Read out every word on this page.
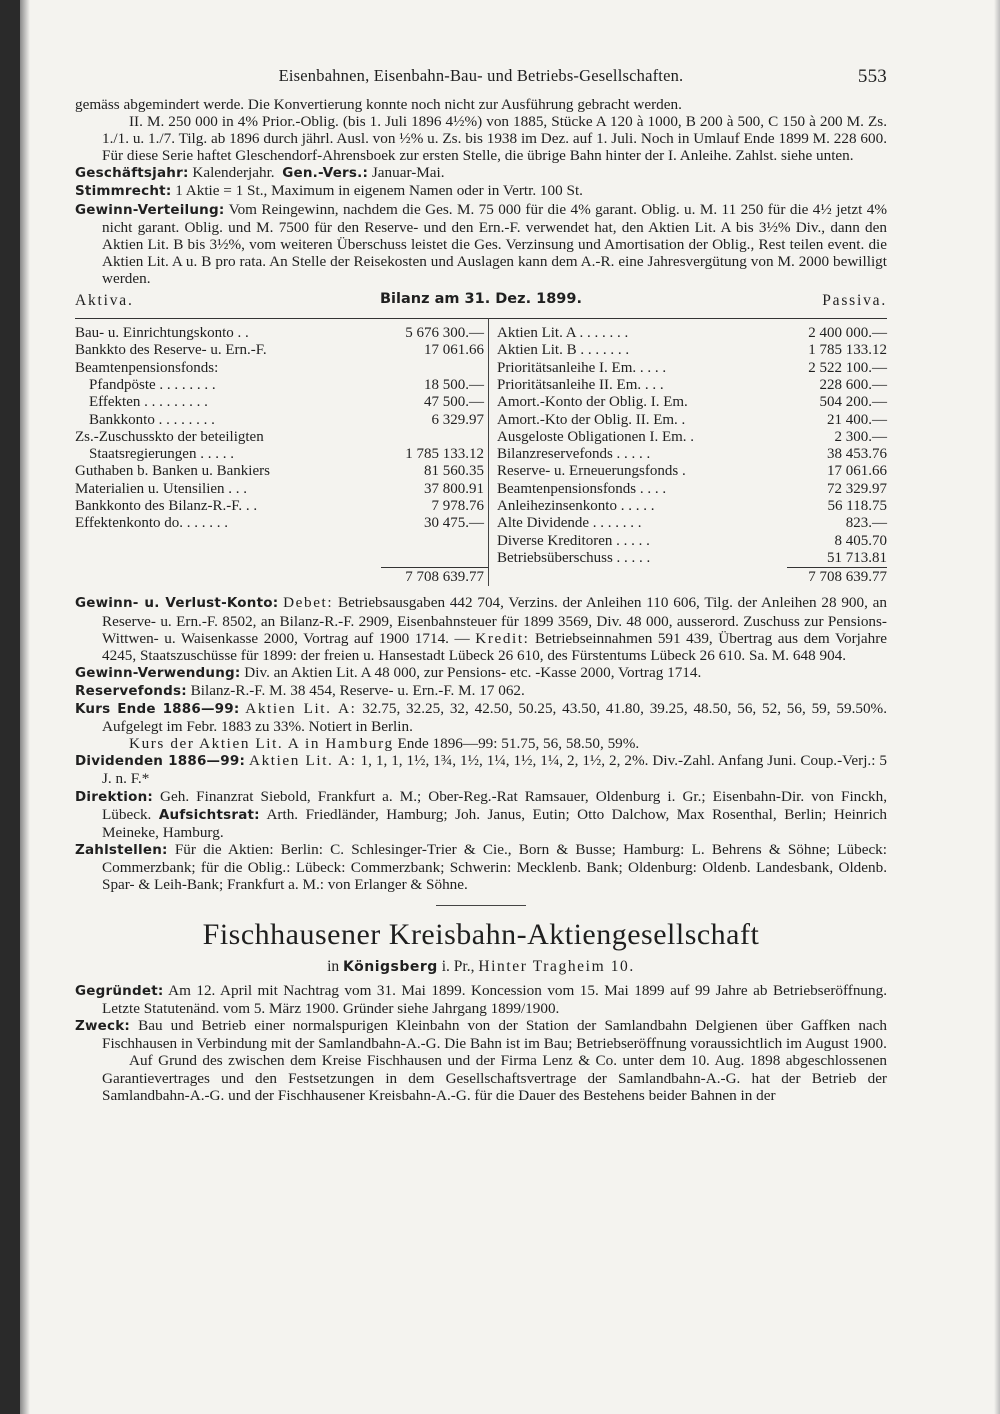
Eisenbahnen, Eisenbahn-Bau- und Betriebs-Gesellschaften.	553

gemäss abgemindert werde. Die Konvertierung konnte noch nicht zur Ausführung gebracht werden.

II. M. 250 000 in 4% Prior.-Oblig. (bis 1. Juli 1896 4½%) von 1885, Stücke A 120 à 1000, B 200 à 500, C 150 à 200 M. Zs. 1./1. u. 1./7. Tilg. ab 1896 durch jährl. Ausl. von ½% u. Zs. bis 1938 im Dez. auf 1. Juli. Noch in Umlauf Ende 1899 M. 228 600. Für diese Serie haftet Gleschendorf-Ahrensboek zur ersten Stelle, die übrige Bahn hinter der I. Anleihe. Zahlst. siehe unten.

Geschäftsjahr: Kalenderjahr. Gen.-Vers.: Januar-Mai.

Stimmrecht: 1 Aktie = 1 St., Maximum in eigenem Namen oder in Vertr. 100 St.

Gewinn-Verteilung: Vom Reingewinn, nachdem die Ges. M. 75 000 für die 4% garant. Oblig. u. M. 11 250 für die 4½ jetzt 4% nicht garant. Oblig. und M. 7500 für den Reserve- und den Ern.-F. verwendet hat, den Aktien Lit. A bis 3½% Div., dann den Aktien Lit. B bis 3½%, vom weiteren Überschuss leistet die Ges. Verzinsung und Amortisation der Oblig., Rest teilen event. die Aktien Lit. A u. B pro rata. An Stelle der Reisekosten und Auslagen kann dem A.-R. eine Jahresvergütung von M. 2000 bewilligt werden.

Aktiva.	Bilanz am 31. Dez. 1899.	Passiva.
Bau- u. Einrichtungskonto . .	5 676 300.—	Aktien Lit. A . . . . . . .	2 400 000.—
Bankkto des Reserve- u. Ern.-F.	17 061.66	Aktien Lit. B . . . . . . .	1 785 133.12
Beamtenpensionsfonds:		Prioritätsanleihe I. Em. . . . .	2 522 100.—
Pfandpöste . . . . . . . .	18 500.—	Prioritätsanleihe II. Em. . . .	228 600.—
Effekten . . . . . . . . .	47 500.—	Amort.-Konto der Oblig. I. Em.	504 200.—
Bankkonto . . . . . . . .	6 329.97	Amort.-Kto der Oblig. II. Em. .	21 400.—
Zs.-Zuschusskto der beteiligten		Ausgeloste Obligationen I. Em. .	2 300.—
Staatsregierungen . . . . .	1 785 133.12	Bilanzreservefonds . . . . .	38 453.76
Guthaben b. Banken u. Bankiers	81 560.35	Reserve- u. Erneuerungsfonds .	17 061.66
Materialien u. Utensilien . . .	37 800.91	Beamtenpensionsfonds . . . .	72 329.97
Bankkonto des Bilanz-R.-F. . .	7 978.76	Anleihezinsenkonto . . . . .	56 118.75
Effektenkonto do. . . . . . .	30 475.—	Alte Dividende . . . . . . .	823.—
		Diverse Kreditoren . . . . .	8 405.70
		Betriebsüberschuss . . . . .	51 713.81
	7 708 639.77		7 708 639.77

Gewinn- u. Verlust-Konto: Debet: Betriebsausgaben 442 704, Verzins. der Anleihen 110 606, Tilg. der Anleihen 28 900, an Reserve- u. Ern.-F. 8502, an Bilanz-R.-F. 2909, Eisenbahnsteuer für 1899 3569, Div. 48 000, ausserord. Zuschuss zur Pensions-Wittwen- u. Waisenkasse 2000, Vortrag auf 1900 1714. — Kredit: Betriebseinnahmen 591 439, Übertrag aus dem Vorjahre 4245, Staatszuschüsse für 1899: der freien u. Hansestadt Lübeck 26 610, des Fürstentums Lübeck 26 610. Sa. M. 648 904.

Gewinn-Verwendung: Div. an Aktien Lit. A 48 000, zur Pensions- etc. -Kasse 2000, Vortrag 1714.

Reservefonds: Bilanz-R.-F. M. 38 454, Reserve- u. Ern.-F. M. 17 062.

Kurs Ende 1886—99: Aktien Lit. A: 32.75, 32.25, 32, 42.50, 50.25, 43.50, 41.80, 39.25, 48.50, 56, 52, 56, 59, 59.50%. Aufgelegt im Febr. 1883 zu 33%. Notiert in Berlin.

Kurs der Aktien Lit. A in Hamburg Ende 1896—99: 51.75, 56, 58.50, 59%.

Dividenden 1886—99: Aktien Lit. A: 1, 1, 1, 1½, 1¾, 1½, 1¼, 1½, 1¼, 2, 1½, 2, 2%. Div.-Zahl. Anfang Juni. Coup.-Verj.: 5 J. n. F.*

Direktion: Geh. Finanzrat Siebold, Frankfurt a. M.; Ober-Reg.-Rat Ramsauer, Oldenburg i. Gr.; Eisenbahn-Dir. von Finckh, Lübeck. Aufsichtsrat: Arth. Friedländer, Hamburg; Joh. Janus, Eutin; Otto Dalchow, Max Rosenthal, Berlin; Heinrich Meineke, Hamburg.

Zahlstellen: Für die Aktien: Berlin: C. Schlesinger-Trier & Cie., Born & Busse; Hamburg: L. Behrens & Söhne; Lübeck: Commerzbank; für die Oblig.: Lübeck: Commerzbank; Schwerin: Mecklenb. Bank; Oldenburg: Oldenb. Landesbank, Oldenb. Spar- & Leih-Bank; Frankfurt a. M.: von Erlanger & Söhne.

Fischhausener Kreisbahn-Aktiengesellschaft
in Königsberg i. Pr., Hinter Tragheim 10.

Gegründet: Am 12. April mit Nachtrag vom 31. Mai 1899. Koncession vom 15. Mai 1899 auf 99 Jahre ab Betriebseröffnung. Letzte Statutenänd. vom 5. März 1900. Gründer siehe Jahrgang 1899/1900.

Zweck: Bau und Betrieb einer normalspurigen Kleinbahn von der Station der Samlandbahn Delgienen über Gaffken nach Fischhausen in Verbindung mit der Samlandbahn-A.-G. Die Bahn ist im Bau; Betriebseröffnung voraussichtlich im August 1900.

Auf Grund des zwischen dem Kreise Fischhausen und der Firma Lenz & Co. unter dem 10. Aug. 1898 abgeschlossenen Garantievertrages und den Festsetzungen in dem Gesellschaftsvertrage der Samlandbahn-A.-G. hat der Betrieb der Samlandbahn-A.-G. und der Fischhausener Kreisbahn-A.-G. für die Dauer des Bestehens beider Bahnen in der
